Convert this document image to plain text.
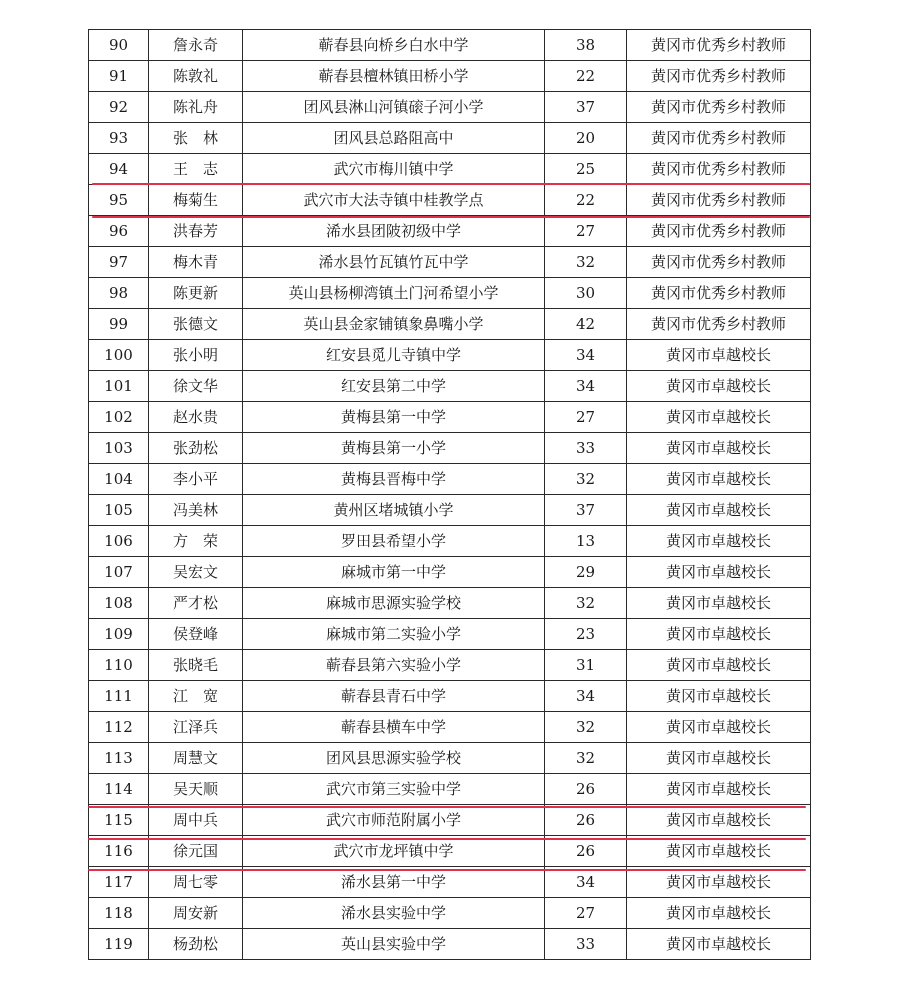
90	詹永奇	蕲春县向桥乡白水中学	38	黄冈市优秀乡村教师
91	陈敦礼	蕲春县檀林镇田桥小学	22	黄冈市优秀乡村教师
92	陈礼舟	团风县淋山河镇磙子河小学	37	黄冈市优秀乡村教师
93	张　林	团风县总路阻高中	20	黄冈市优秀乡村教师
94	王　志	武穴市梅川镇中学	25	黄冈市优秀乡村教师
95	梅菊生	武穴市大法寺镇中桂教学点	22	黄冈市优秀乡村教师
96	洪春芳	浠水县团陂初级中学	27	黄冈市优秀乡村教师
97	梅木青	浠水县竹瓦镇竹瓦中学	32	黄冈市优秀乡村教师
98	陈更新	英山县杨柳湾镇土门河希望小学	30	黄冈市优秀乡村教师
99	张德文	英山县金家铺镇象鼻嘴小学	42	黄冈市优秀乡村教师
100	张小明	红安县觅儿寺镇中学	34	黄冈市卓越校长
101	徐文华	红安县第二中学	34	黄冈市卓越校长
102	赵水贵	黄梅县第一中学	27	黄冈市卓越校长
103	张劲松	黄梅县第一小学	33	黄冈市卓越校长
104	李小平	黄梅县晋梅中学	32	黄冈市卓越校长
105	冯美林	黄州区堵城镇小学	37	黄冈市卓越校长
106	方　荣	罗田县希望小学	13	黄冈市卓越校长
107	吴宏文	麻城市第一中学	29	黄冈市卓越校长
108	严才松	麻城市思源实验学校	32	黄冈市卓越校长
109	侯登峰	麻城市第二实验小学	23	黄冈市卓越校长
110	张晓毛	蕲春县第六实验小学	31	黄冈市卓越校长
111	江　宽	蕲春县青石中学	34	黄冈市卓越校长
112	江泽兵	蕲春县横车中学	32	黄冈市卓越校长
113	周慧文	团风县思源实验学校	32	黄冈市卓越校长
114	吴天顺	武穴市第三实验中学	26	黄冈市卓越校长
115	周中兵	武穴市师范附属小学	26	黄冈市卓越校长
116	徐元国	武穴市龙坪镇中学	26	黄冈市卓越校长
117	周七零	浠水县第一中学	34	黄冈市卓越校长
118	周安新	浠水县实验中学	27	黄冈市卓越校长
119	杨劲松	英山县实验中学	33	黄冈市卓越校长
